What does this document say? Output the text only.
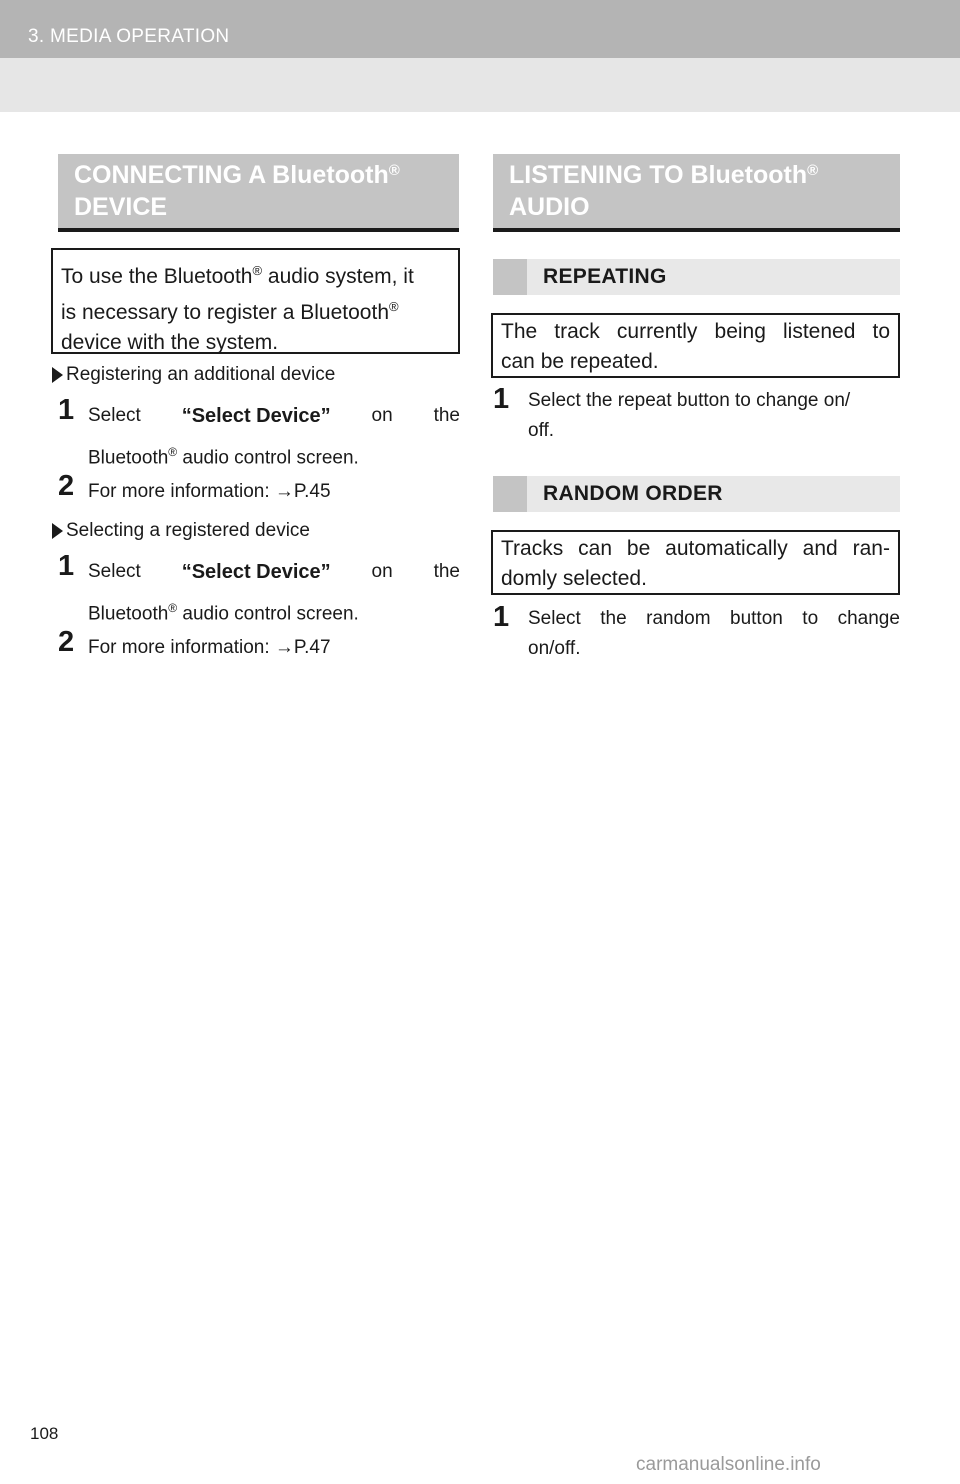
3. MEDIA OPERATION
CONNECTING A Bluetooth®
DEVICE
To use the Bluetooth® audio system, it
is necessary to register a Bluetooth®
device with the system.
Registering an additional device
1 Select “Select Device” on the
Bluetooth® audio control screen.
2 For more information: →P.45
Selecting a registered device
1 Select “Select Device” on the
Bluetooth® audio control screen.
2 For more information: →P.47
LISTENING TO Bluetooth®
AUDIO
REPEATING
The track currently being listened to
can be repeated.
1 Select the repeat button to change on/
off.
RANDOM ORDER
Tracks can be automatically and ran-
domly selected.
1 Select the random button to change
on/off.
108
carmanualsonline.info
